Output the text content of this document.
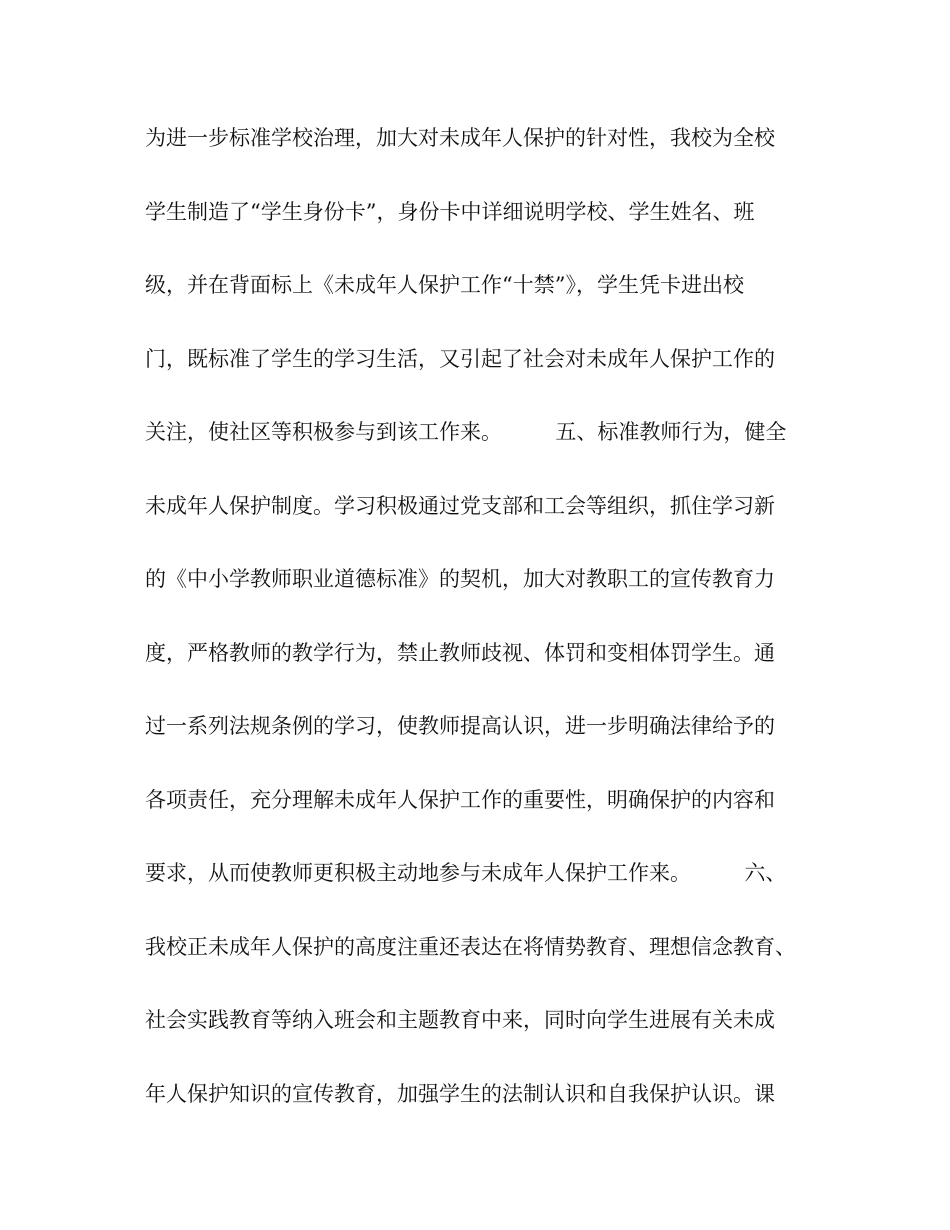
为进一步标准学校治理，加大对未成年人保护的针对性，我校为全校
学生制造了“学生身份卡”，身份卡中详细说明学校、学生姓名、班
级，并在背面标上《未成年人保护工作“十禁”》，学生凭卡进出校
门，既标准了学生的学习生活，又引起了社会对未成年人保护工作的
关注，使社区等积极参与到该工作来。        五、标准教师行为，健全
未成年人保护制度。学习积极通过党支部和工会等组织，抓住学习新
的《中小学教师职业道德标准》的契机，加大对教职工的宣传教育力
度，严格教师的教学行为，禁止教师歧视、体罚和变相体罚学生。通
过一系列法规条例的学习，使教师提高认识，进一步明确法律给予的
各项责任，充分理解未成年人保护工作的重要性，明确保护的内容和
要求，从而使教师更积极主动地参与未成年人保护工作来。        六、
我校正未成年人保护的高度注重还表达在将情势教育、理想信念教育、
社会实践教育等纳入班会和主题教育中来，同时向学生进展有关未成
年人保护知识的宣传教育，加强学生的法制认识和自我保护认识。课
